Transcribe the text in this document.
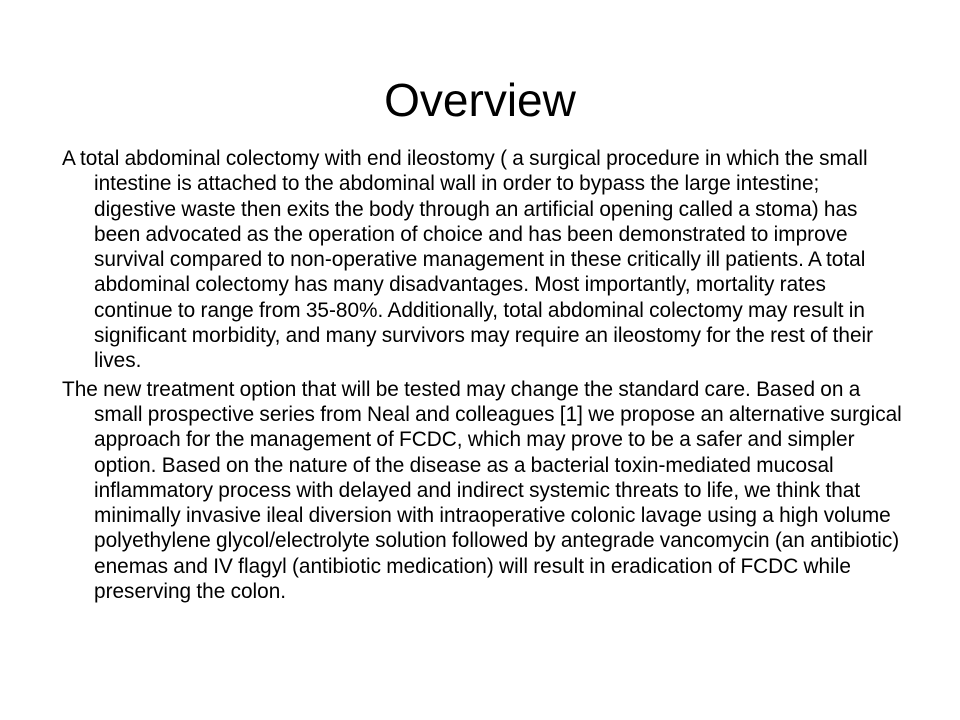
Overview

A total abdominal colectomy with end ileostomy ( a surgical procedure in which the small intestine is attached to the abdominal wall in order to bypass the large intestine; digestive waste then exits the body through an artificial opening called a stoma) has been advocated as the operation of choice and has been demonstrated to improve survival compared to non-operative management in these critically ill patients. A total abdominal colectomy has many disadvantages. Most importantly, mortality rates continue to range from 35-80%. Additionally, total abdominal colectomy may result in significant morbidity, and many survivors may require an ileostomy for the rest of their lives.

The new treatment option that will be tested may change the standard care. Based on a small prospective series from Neal and colleagues [1] we propose an alternative surgical approach for the management of FCDC, which may prove to be a safer and simpler option. Based on the nature of the disease as a bacterial toxin-mediated mucosal inflammatory process with delayed and indirect systemic threats to life, we think that minimally invasive ileal diversion with intraoperative colonic lavage using a high volume polyethylene glycol/electrolyte solution followed by antegrade vancomycin (an antibiotic) enemas and IV flagyl (antibiotic medication) will result in eradication of FCDC while preserving the colon.
